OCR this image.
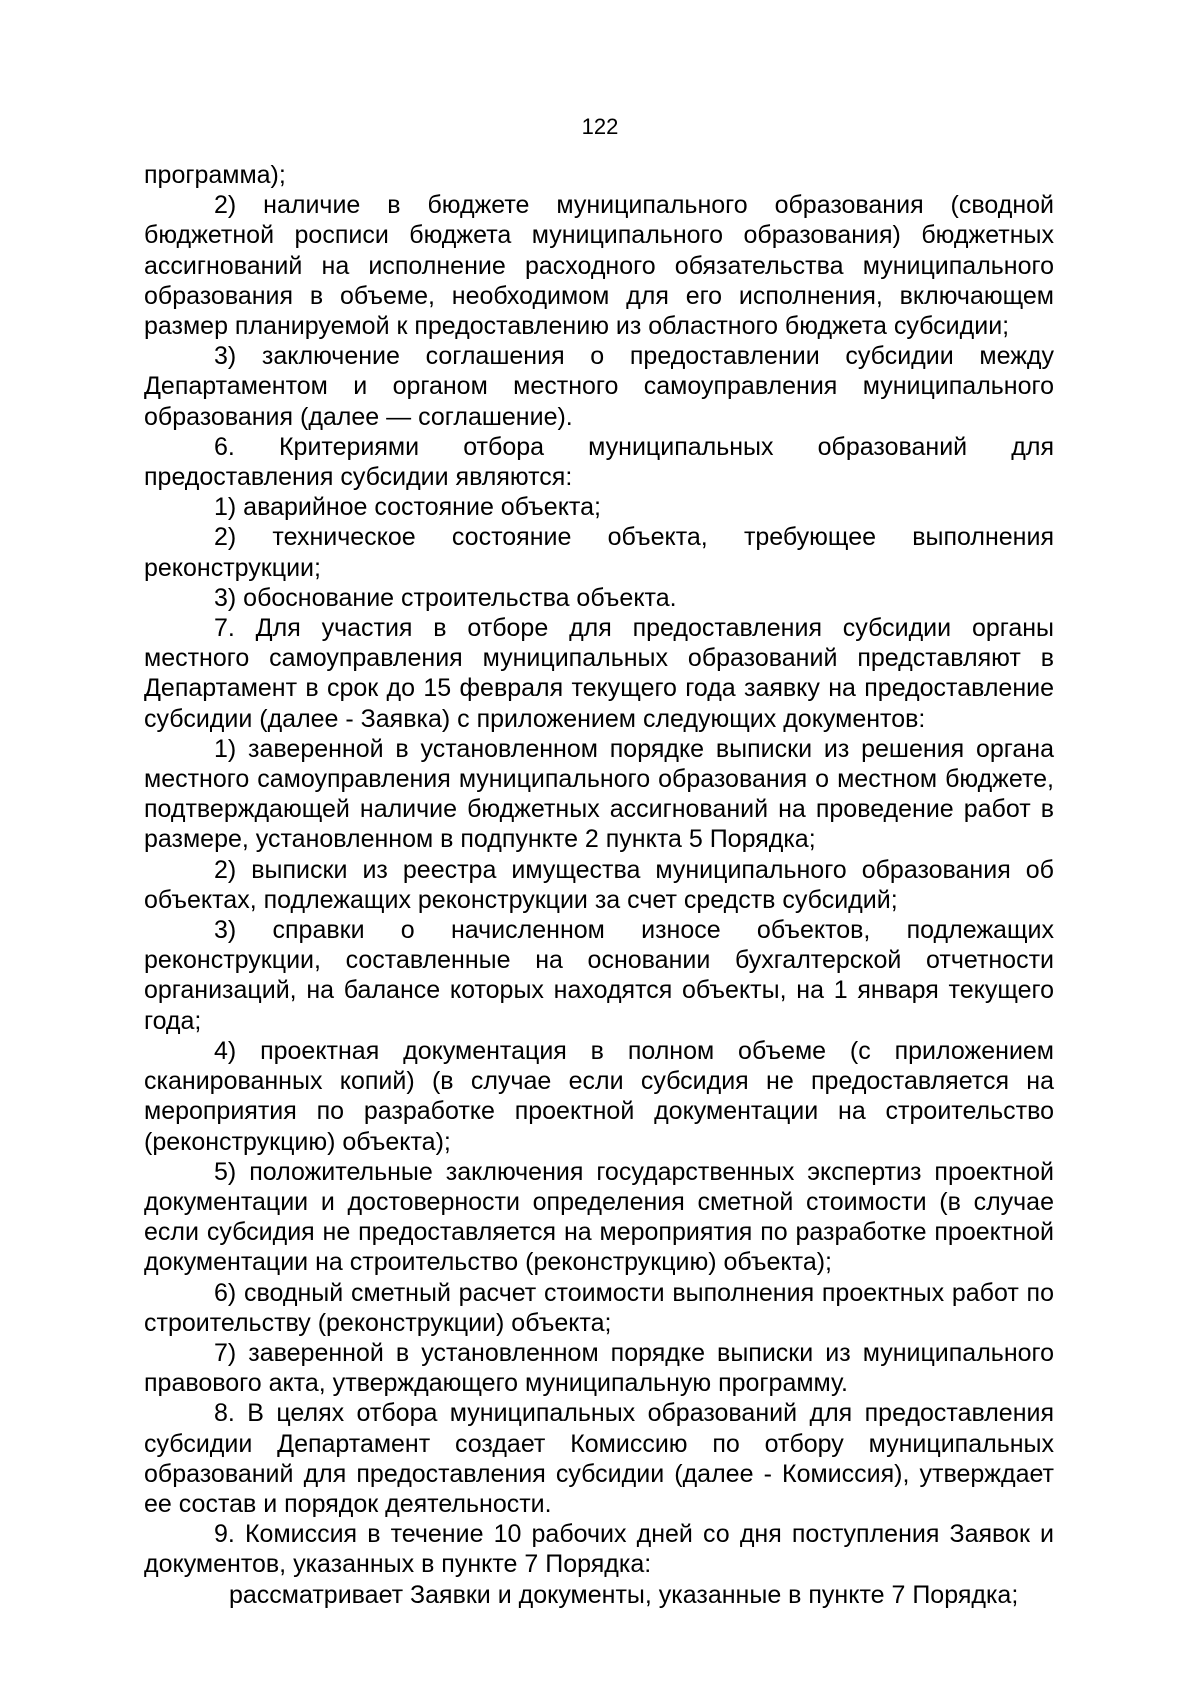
122

программа);

2) наличие в бюджете муниципального образования (сводной бюджетной росписи бюджета муниципального образования) бюджетных ассигнований на исполнение расходного обязательства муниципального образования в объеме, необходимом для его исполнения, включающем размер планируемой к предоставлению из областного бюджета субсидии;

3) заключение соглашения о предоставлении субсидии между Департаментом и органом местного самоуправления муниципального образования (далее — соглашение).

6. Критериями отбора муниципальных образований для предоставления субсидии являются:

1) аварийное состояние объекта;

2) техническое состояние объекта, требующее выполнения реконструкции;

3) обоснование строительства объекта.

7. Для участия в отборе для предоставления субсидии органы местного самоуправления муниципальных образований представляют в Департамент в срок до 15 февраля текущего года заявку на предоставление субсидии (далее - Заявка) с приложением следующих документов:

1) заверенной в установленном порядке выписки из решения органа местного самоуправления муниципального образования о местном бюджете, подтверждающей наличие бюджетных ассигнований на проведение работ в размере, установленном в подпункте 2 пункта 5 Порядка;

2) выписки из реестра имущества муниципального образования об объектах, подлежащих реконструкции за счет средств субсидий;

3) справки о начисленном износе объектов, подлежащих реконструкции, составленные на основании бухгалтерской отчетности организаций, на балансе которых находятся объекты, на 1 января текущего года;

4) проектная документация в полном объеме (с приложением сканированных копий) (в случае если субсидия не предоставляется на мероприятия по разработке проектной документации на строительство (реконструкцию) объекта);

5) положительные заключения государственных экспертиз проектной документации и достоверности определения сметной стоимости (в случае если субсидия не предоставляется на мероприятия по разработке проектной документации на строительство (реконструкцию) объекта);

6) сводный сметный расчет стоимости выполнения проектных работ по строительству (реконструкции) объекта;

7) заверенной в установленном порядке выписки из муниципального правового акта, утверждающего муниципальную программу.

8. В целях отбора муниципальных образований для предоставления субсидии Департамент создает Комиссию по отбору муниципальных образований для предоставления субсидии (далее - Комиссия), утверждает ее состав и порядок деятельности.

9. Комиссия в течение 10 рабочих дней со дня поступления Заявок и документов, указанных в пункте 7 Порядка:

рассматривает Заявки и документы, указанные в пункте 7 Порядка;
